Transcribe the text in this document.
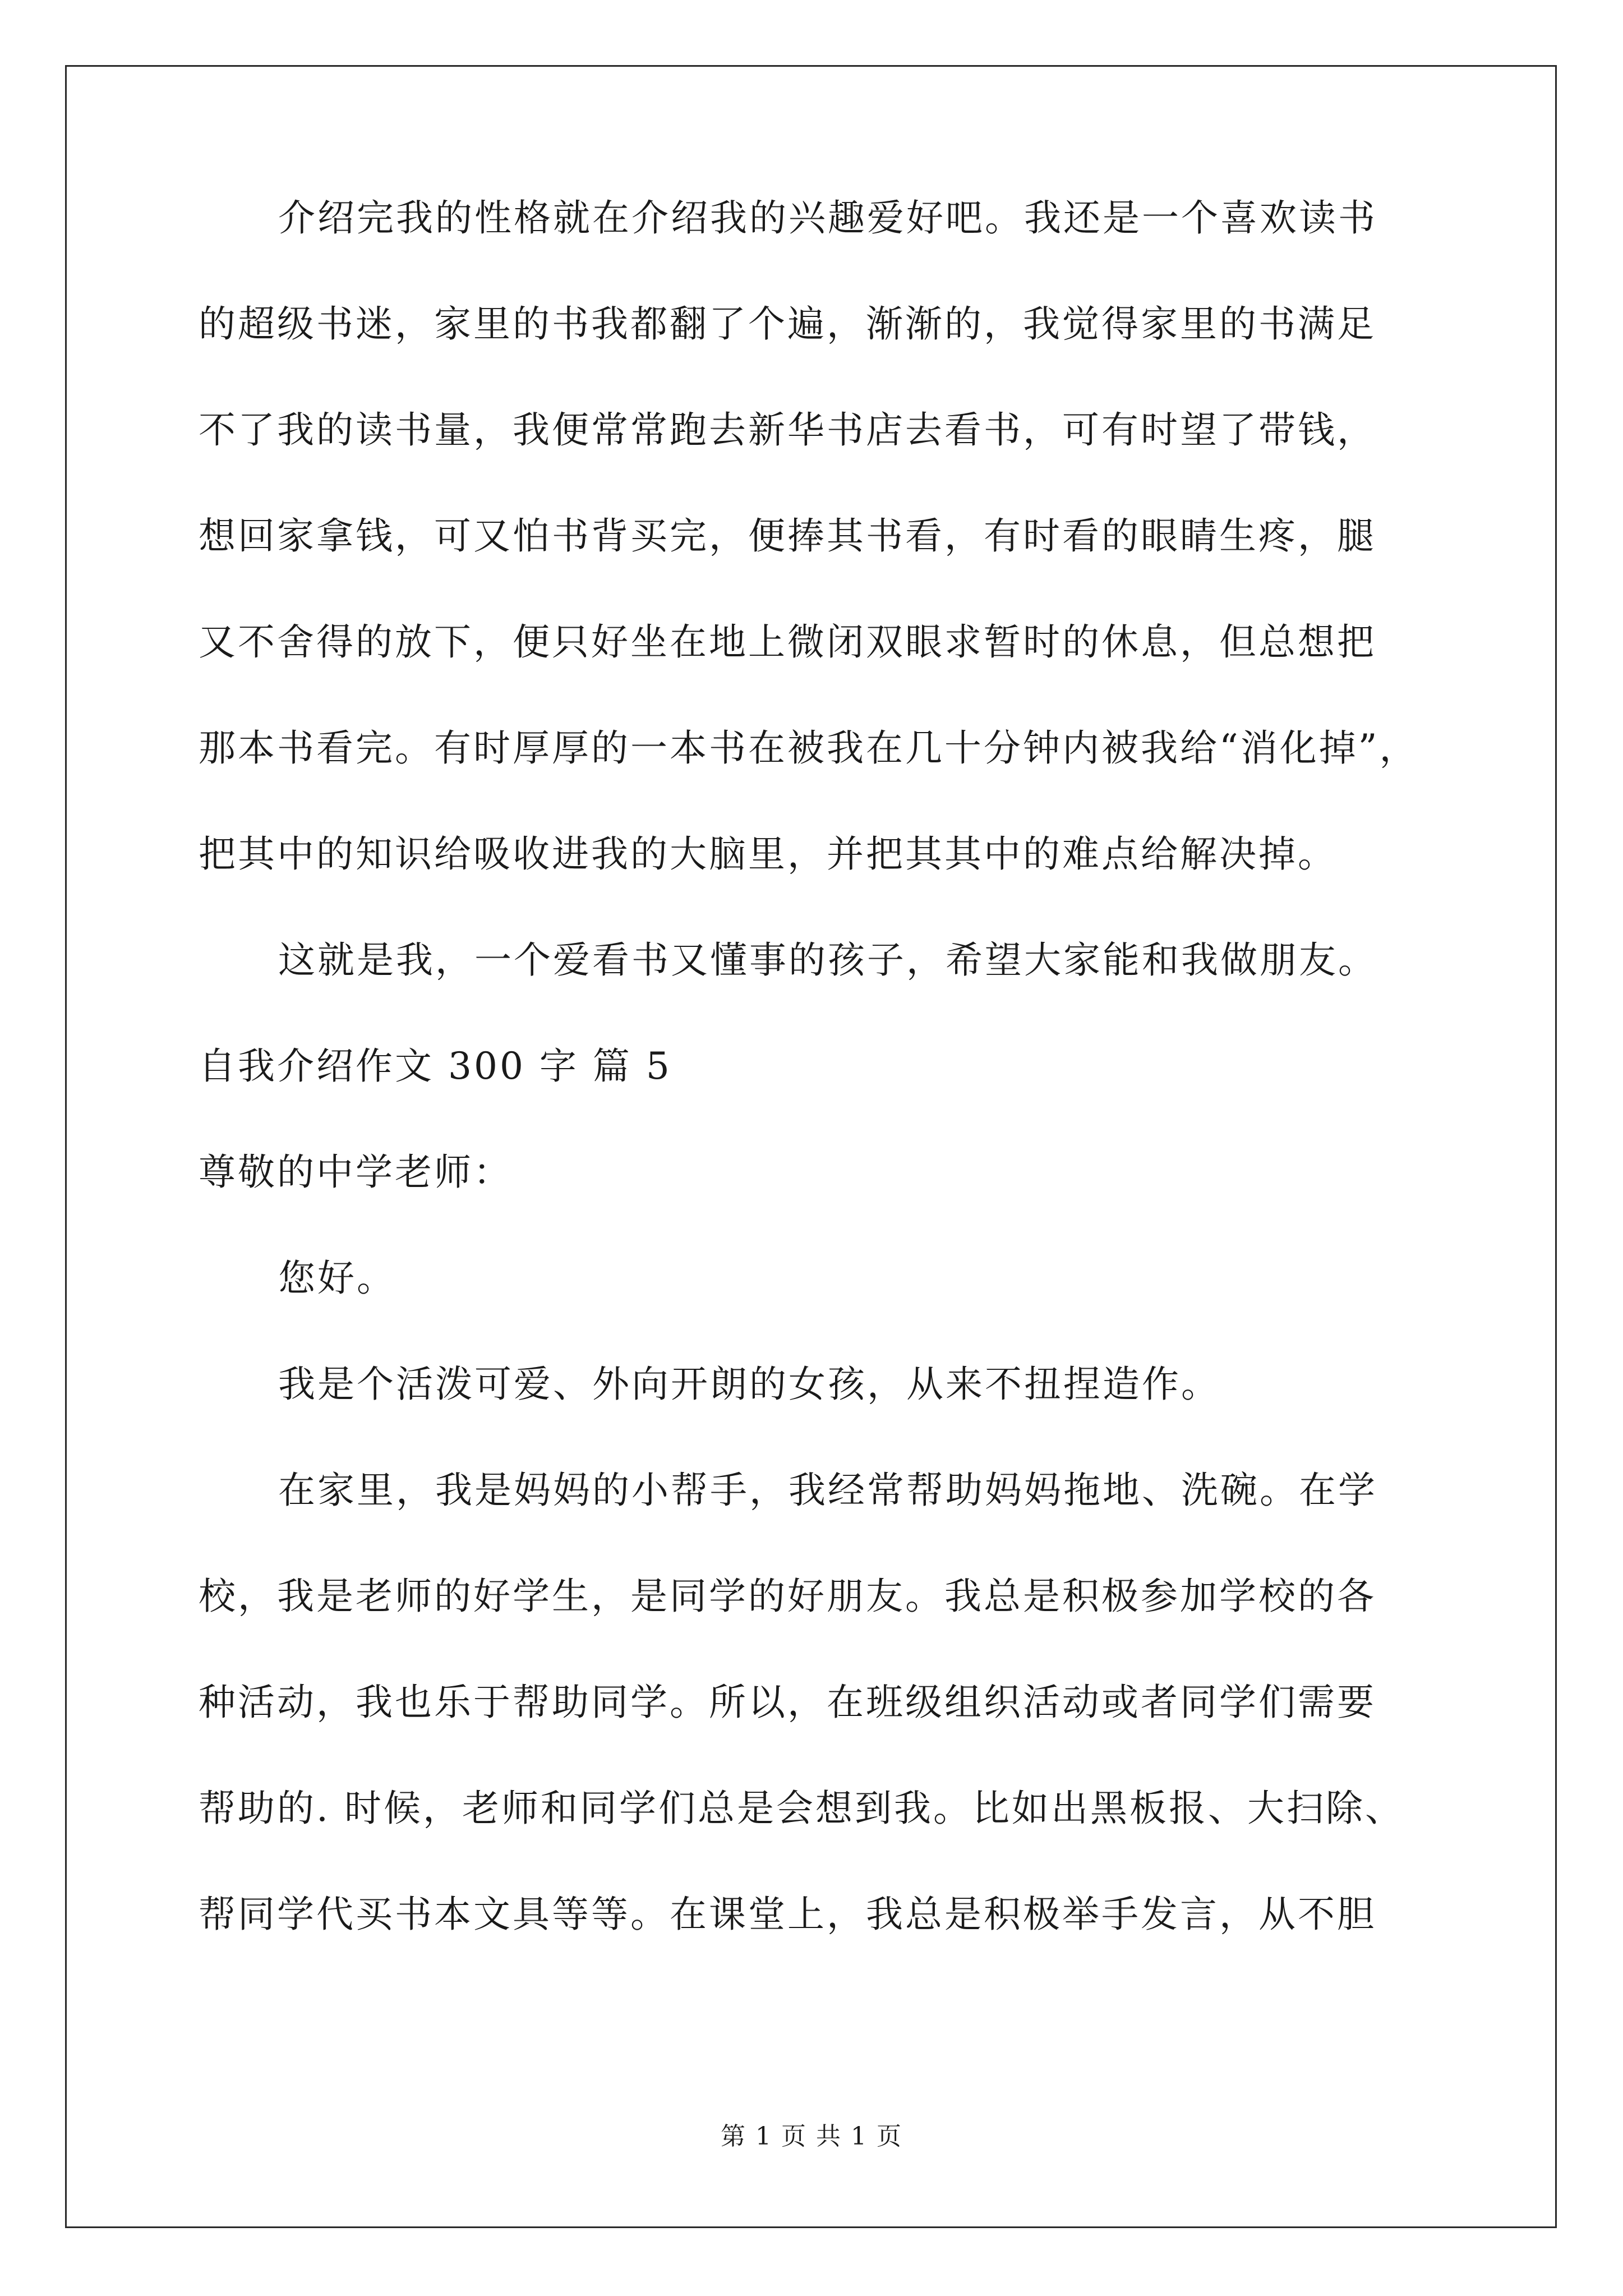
介绍完我的性格就在介绍我的兴趣爱好吧。我还是一个喜欢读书

的超级书迷，家里的书我都翻了个遍，渐渐的，我觉得家里的书满足

不了我的读书量，我便常常跑去新华书店去看书，可有时望了带钱，

想回家拿钱，可又怕书背买完，便捧其书看，有时看的眼睛生疼，腿

又不舍得的放下，便只好坐在地上微闭双眼求暂时的休息，但总想把

那本书看完。有时厚厚的一本书在被我在几十分钟内被我给“消化掉”，

把其中的知识给吸收进我的大脑里，并把其其中的难点给解决掉。

这就是我，一个爱看书又懂事的孩子，希望大家能和我做朋友。

自我介绍作文 300 字 篇 5

尊敬的中学老师：

您好。

我是个活泼可爱、外向开朗的女孩，从来不扭捏造作。

在家里，我是妈妈的小帮手，我经常帮助妈妈拖地、洗碗。在学

校，我是老师的好学生，是同学的好朋友。我总是积极参加学校的各

种活动，我也乐于帮助同学。所以，在班级组织活动或者同学们需要

帮助的. 时候，老师和同学们总是会想到我。比如出黑板报、大扫除、

帮同学代买书本文具等等。在课堂上，我总是积极举手发言，从不胆

第 1 页 共 1 页
